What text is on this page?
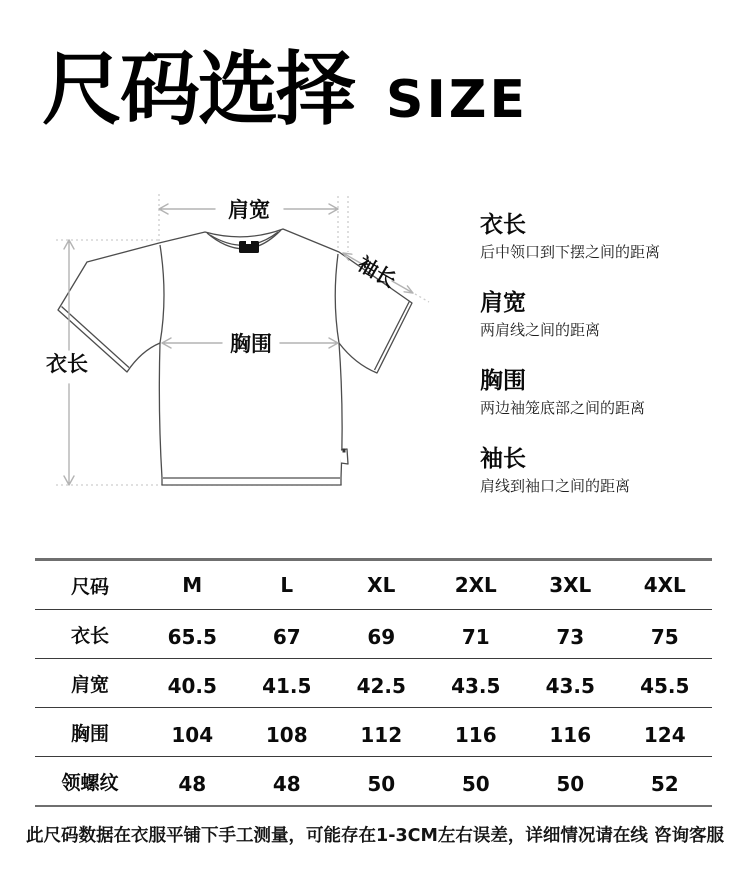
尺码选择 SIZE
肩宽
胸围
衣长
袖长
衣长

后中领口到下摆之间的距离

肩宽

两肩线之间的距离

胸围

两边袖笼底部之间的距离

袖长

肩线到袖口之间的距离

尺码	M	L	XL	2XL	3XL	4XL
衣长	65.5	67	69	71	73	75
肩宽	40.5	41.5	42.5	43.5	43.5	45.5
胸围	104	108	112	116	116	124
领螺纹	48	48	50	50	50	52
此尺码数据在衣服平铺下手工测量，可能存在1-3CM左右误差，详细情况请在线 咨询客服
